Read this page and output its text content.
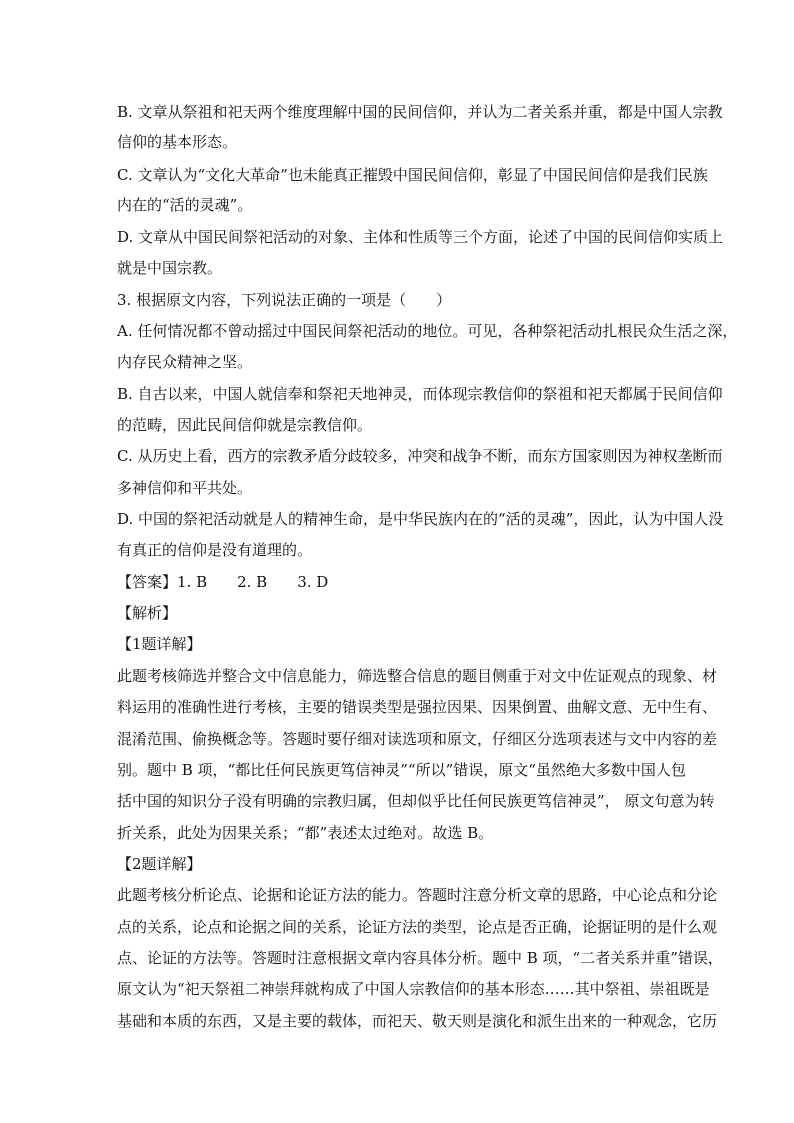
B. 文章从祭祖和祀天两个维度理解中国的民间信仰，并认为二者关系并重，都是中国人宗教
信仰的基本形态。
C. 文章认为“文化大革命”也未能真正摧毁中国民间信仰，彰显了中国民间信仰是我们民族
内在的“活的灵魂”。
D. 文章从中国民间祭祀活动的对象、主体和性质等三个方面，论述了中国的民间信仰实质上
就是中国宗教。
3. 根据原文内容，下列说法正确的一项是（　　）
A. 任何情况都不曾动摇过中国民间祭祀活动的地位。可见，各种祭祀活动扎根民众生活之深，
内存民众精神之坚。
B. 自古以来，中国人就信奉和祭祀天地神灵，而体现宗教信仰的祭祖和祀天都属于民间信仰
的范畴，因此民间信仰就是宗教信仰。
C. 从历史上看，西方的宗教矛盾分歧较多，冲突和战争不断，而东方国家则因为神权垄断而
多神信仰和平共处。
D. 中国的祭祀活动就是人的精神生命，是中华民族内在的“活的灵魂”，因此，认为中国人没
有真正的信仰是没有道理的。
【答案】1. B　　2. B　　3. D
【解析】
【1题详解】
此题考核筛选并整合文中信息能力，筛选整合信息的题目侧重于对文中佐证观点的现象、材
料运用的准确性进行考核，主要的错误类型是强拉因果、因果倒置、曲解文意、无中生有、
混淆范围、偷换概念等。答题时要仔细对读选项和原文，仔细区分选项表述与文中内容的差
别。题中 B 项，“都比任何民族更笃信神灵”“所以”错误，原文“虽然绝大多数中国人包
括中国的知识分子没有明确的宗教归属，但却似乎比任何民族更笃信神灵”， 原文句意为转
折关系，此处为因果关系；“都”表述太过绝对。故选 B。
【2题详解】
此题考核分析论点、论据和论证方法的能力。答题时注意分析文章的思路，中心论点和分论
点的关系，论点和论据之间的关系，论证方法的类型，论点是否正确，论据证明的是什么观
点、论证的方法等。答题时注意根据文章内容具体分析。题中 B 项，“二者关系并重”错误，
原文认为“祀天祭祖二神崇拜就构成了中国人宗教信仰的基本形态……其中祭祖、崇祖既是
基础和本质的东西，又是主要的载体，而祀天、敬天则是演化和派生出来的一种观念，它历
